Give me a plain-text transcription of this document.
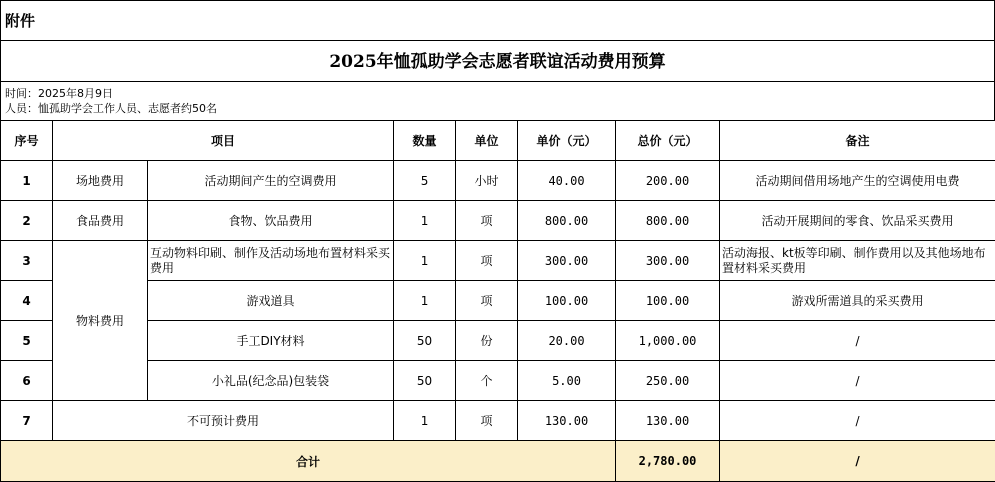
附件
2025年恤孤助学会志愿者联谊活动费用预算
时间：2025年8月9日
人员：恤孤助学会工作人员、志愿者约50名
序号	项目		数量	单位	单价（元）	总价（元）	备注
1	场地费用	活动期间产生的空调费用	5	小时	40.00	200.00	活动期间借用场地产生的空调使用电费
2	食品费用	食物、饮品费用	1	项	800.00	800.00	活动开展期间的零食、饮品采买费用
3	物料费用	互动物料印刷、制作及活动场地布置材料采买费用	1	项	300.00	300.00	活动海报、kt板等印刷、制作费用以及其他场地布置材料采买费用
4		游戏道具	1	项	100.00	100.00	游戏所需道具的采买费用
5		手工DIY材料	50	份	20.00	1,000.00	/
6		小礼品(纪念品)包装袋	50	个	5.00	250.00	/
7	不可预计费用		1	项	130.00	130.00	/
合计						2,780.00	/
